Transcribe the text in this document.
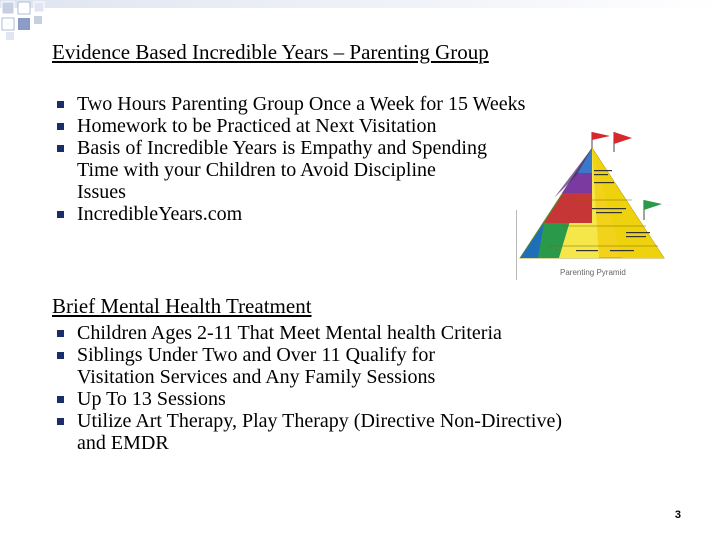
Evidence Based Incredible Years – Parenting Group
Two Hours Parenting Group Once a Week for 15 Weeks
Homework to be Practiced at Next Visitation
Basis of Incredible Years is Empathy and Spending Time with your Children to Avoid Discipline Issues
IncredibleYears.com
Parenting Pyramid
Brief Mental Health Treatment
Children Ages 2-11 That Meet Mental health Criteria
Siblings Under Two and Over 11 Qualify for Visitation Services and Any Family Sessions
Up To 13 Sessions
Utilize Art Therapy, Play Therapy (Directive Non-Directive) and EMDR
3
